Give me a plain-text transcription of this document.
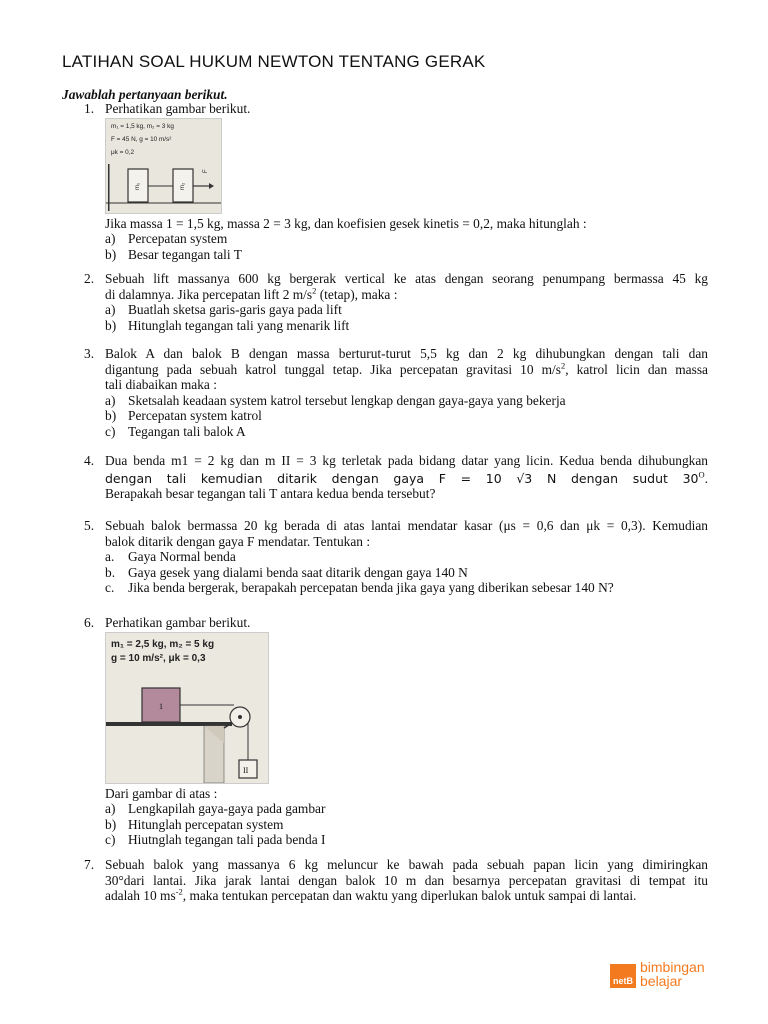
LATIHAN SOAL HUKUM NEWTON TENTANG GERAK
Jawablah pertanyaan berikut.
1. Perhatikan gambar berikut.
m₁ = 1,5 kg, m₂ = 3 kg
F = 45 N, g = 10 m/s²
μk = 0,2
m₁	m₂
F
Jika massa 1 = 1,5 kg, massa 2 = 3 kg, dan koefisien gesek kinetis = 0,2, maka hitunglah :
a) Percepatan system
b) Besar tegangan tali T
2. Sebuah lift massanya 600 kg bergerak vertical ke atas dengan seorang penumpang bermassa 45 kg
di dalamnya. Jika percepatan lift 2 $m/s^2$ (tetap), maka :
a) Buatlah sketsa garis-garis gaya pada lift
b) Hitunglah tegangan tali yang menarik lift
3. Balok A dan balok B dengan massa berturut-turut 5,5 kg dan 2 kg dihubungkan dengan tali dan
digantung pada sebuah katrol tunggal tetap. Jika percepatan gravitasi 10 $m/s^2$, katrol licin dan massa
tali diabaikan maka :
a) Sketsalah keadaan system katrol tersebut lengkap dengan gaya-gaya yang bekerja
b) Percepatan system katrol
c) Tegangan tali balok A
4. Dua benda m1 = 2 kg dan m II = 3 kg terletak pada bidang datar yang licin. Kedua benda dihubungkan
dengan tali kemudian ditarik dengan gaya F = 10 √3 N dengan sudut $30^O$.
Berapakah besar tegangan tali T antara kedua benda tersebut?
5. Sebuah balok bermassa 20 kg berada di atas lantai mendatar kasar (μs = 0,6 dan μk = 0,3). Kemudian
balok ditarik dengan gaya F mendatar. Tentukan :
a. Gaya Normal benda
b. Gaya gesek yang dialami benda saat ditarik dengan gaya 140 N
c. Jika benda bergerak, berapakah percepatan benda jika gaya yang diberikan sebesar 140 N?
6. Perhatikan gambar berikut.
m₁ = 2,5 kg, m₂ = 5 kg
g = 10 m/s², μk = 0,3
1
II
Dari gambar di atas :
a) Lengkapilah gaya-gaya pada gambar
b) Hitunglah percepatan system
c) Hiutnglah tegangan tali pada benda I
7. Sebuah balok yang massanya 6 kg meluncur ke bawah pada sebuah papan licin yang dimiringkan
30°dari lantai. Jika jarak lantai dengan balok 10 m dan besarnya percepatan gravitasi di tempat itu
adalah 10 $ms^{-2}$, maka tentukan percepatan dan waktu yang diperlukan balok untuk sampai di lantai.
netB
bimbingan
belajar
